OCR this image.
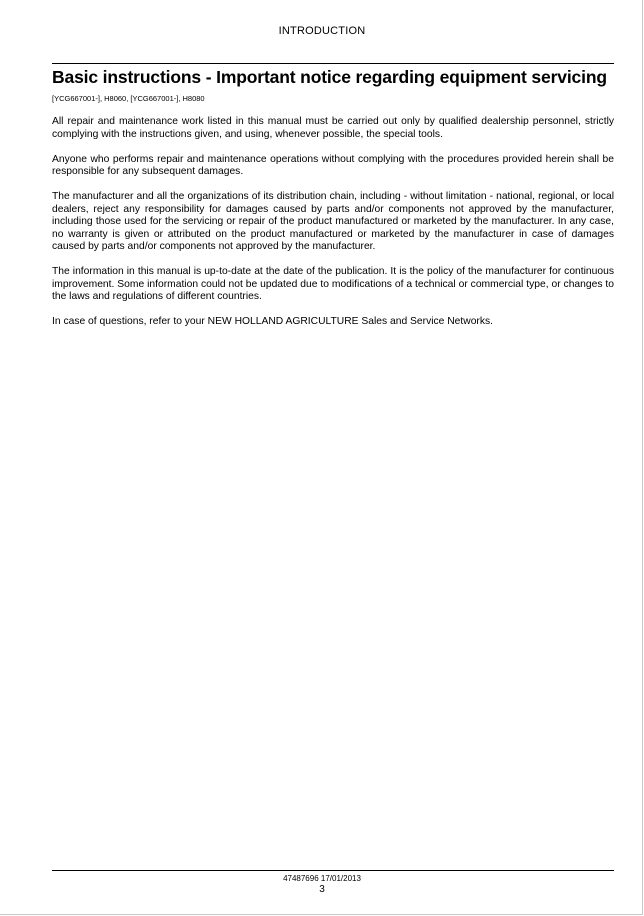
INTRODUCTION
Basic instructions - Important notice regarding equipment servicing
[YCG667001-], H8060, [YCG667001-], H8080

All repair and maintenance work listed in this manual must be carried out only by qualified dealership personnel, strictly complying with the instructions given, and using, whenever possible, the special tools.

Anyone who performs repair and maintenance operations without complying with the procedures provided herein shall be responsible for any subsequent damages.

The manufacturer and all the organizations of its distribution chain, including - without limitation - national, regional, or local dealers, reject any responsibility for damages caused by parts and/or components not approved by the manufacturer, including those used for the servicing or repair of the product manufactured or marketed by the manufacturer. In any case, no warranty is given or attributed on the product manufactured or marketed by the manufacturer in case of damages caused by parts and/or components not approved by the manufacturer.

The information in this manual is up-to-date at the date of the publication. It is the policy of the manufacturer for continuous improvement. Some information could not be updated due to modifications of a technical or commercial type, or changes to the laws and regulations of different countries.

In case of questions, refer to your NEW HOLLAND AGRICULTURE Sales and Service Networks.

47487696 17/01/2013
3
